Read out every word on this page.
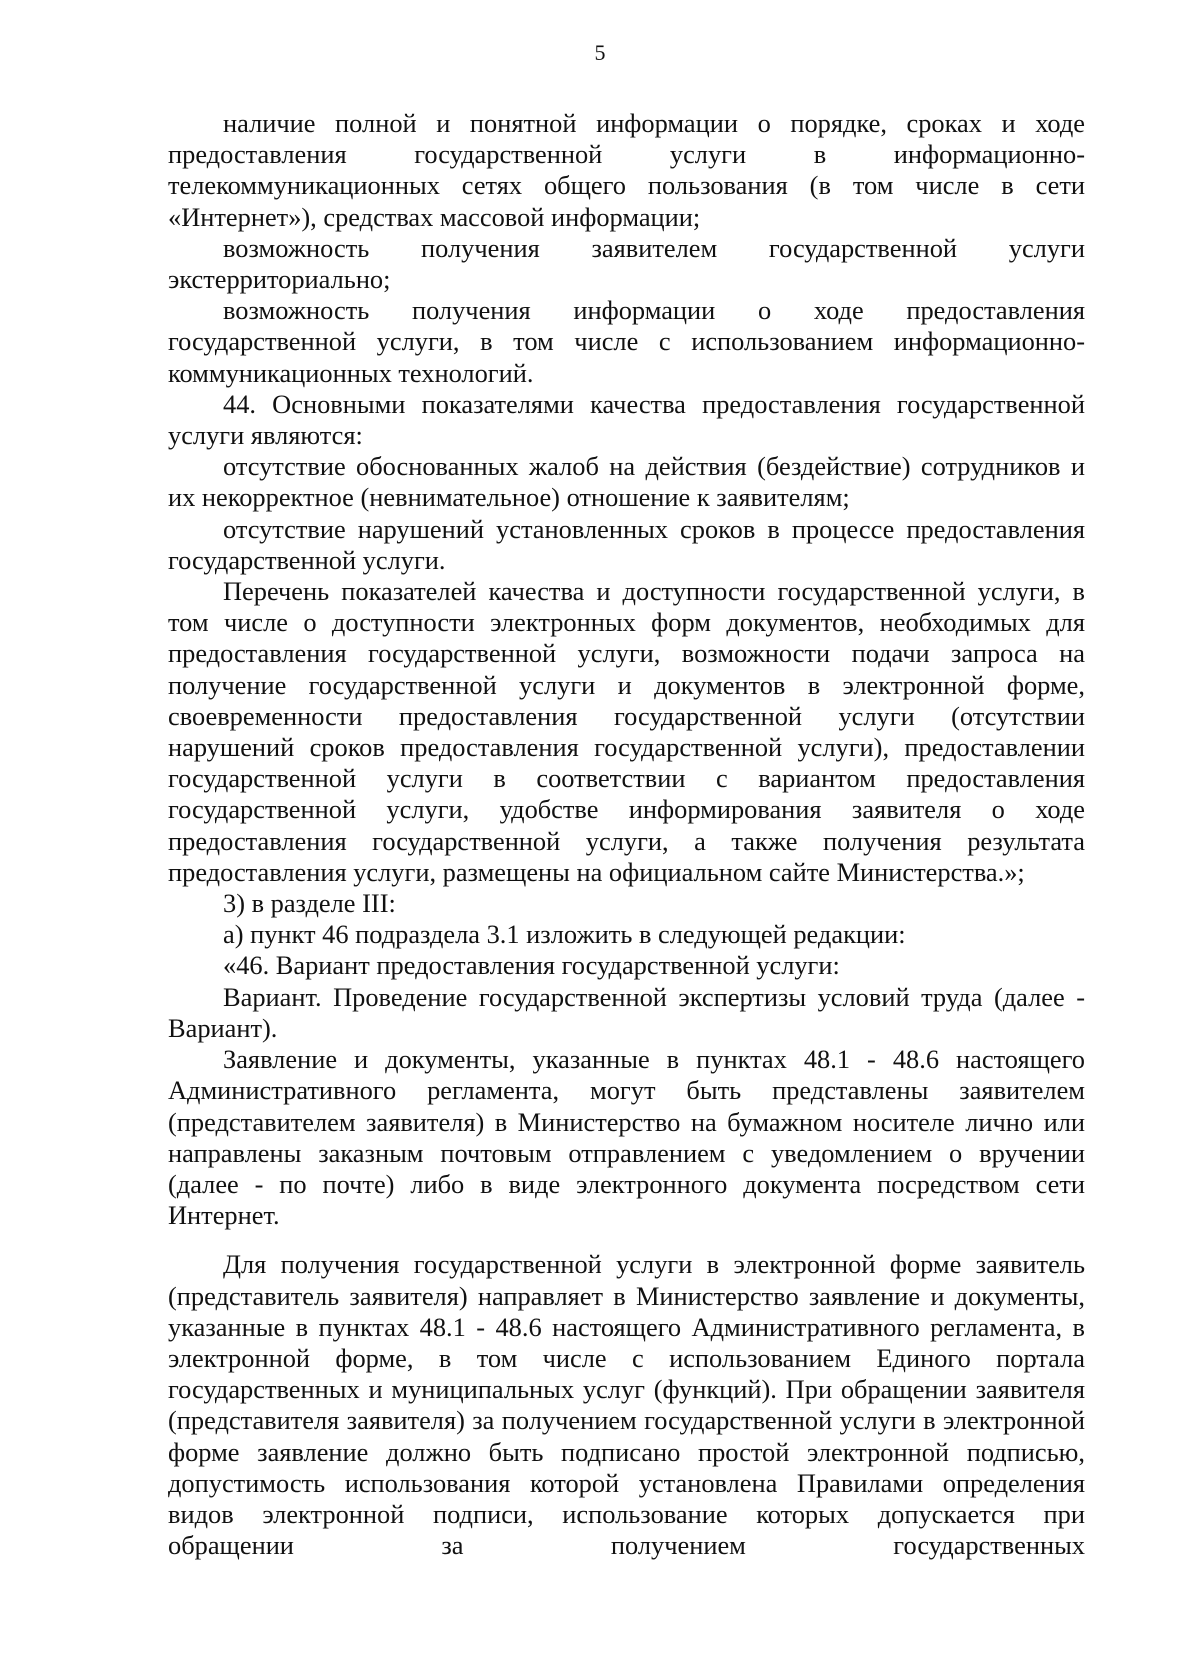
5

наличие полной и понятной информации о порядке, сроках и ходе предоставления государственной услуги в информационно-телекоммуникационных сетях общего пользования (в том числе в сети «Интернет»), средствах массовой информации;

возможность получения заявителем государственной услуги экстерриториально;

возможность получения информации о ходе предоставления государственной услуги, в том числе с использованием информационно-коммуникационных технологий.

44. Основными показателями качества предоставления государственной услуги являются:

отсутствие обоснованных жалоб на действия (бездействие) сотрудников и их некорректное (невнимательное) отношение к заявителям;

отсутствие нарушений установленных сроков в процессе предоставления государственной услуги.

Перечень показателей качества и доступности государственной услуги, в том числе о доступности электронных форм документов, необходимых для предоставления государственной услуги, возможности подачи запроса на получение государственной услуги и документов в электронной форме, своевременности предоставления государственной услуги (отсутствии нарушений сроков предоставления государственной услуги), предоставлении государственной услуги в соответствии с вариантом предоставления государственной услуги, удобстве информирования заявителя о ходе предоставления государственной услуги, а также получения результата предоставления услуги, размещены на официальном сайте Министерства.»;

3) в разделе III:

а) пункт 46 подраздела 3.1 изложить в следующей редакции:

«46. Вариант предоставления государственной услуги:

Вариант. Проведение государственной экспертизы условий труда (далее - Вариант).

Заявление и документы, указанные в пунктах 48.1 - 48.6 настоящего Административного регламента, могут быть представлены заявителем (представителем заявителя) в Министерство на бумажном носителе лично или направлены заказным почтовым отправлением с уведомлением о вручении (далее - по почте) либо в виде электронного документа посредством сети Интернет.

Для получения государственной услуги в электронной форме заявитель (представитель заявителя) направляет в Министерство заявление и документы, указанные в пунктах 48.1 - 48.6 настоящего Административного регламента, в электронной форме, в том числе с использованием Единого портала государственных и муниципальных услуг (функций). При обращении заявителя (представителя заявителя) за получением государственной услуги в электронной форме заявление должно быть подписано простой электронной подписью, допустимость использования которой установлена Правилами определения видов электронной подписи, использование которых допускается при обращении за получением государственных
